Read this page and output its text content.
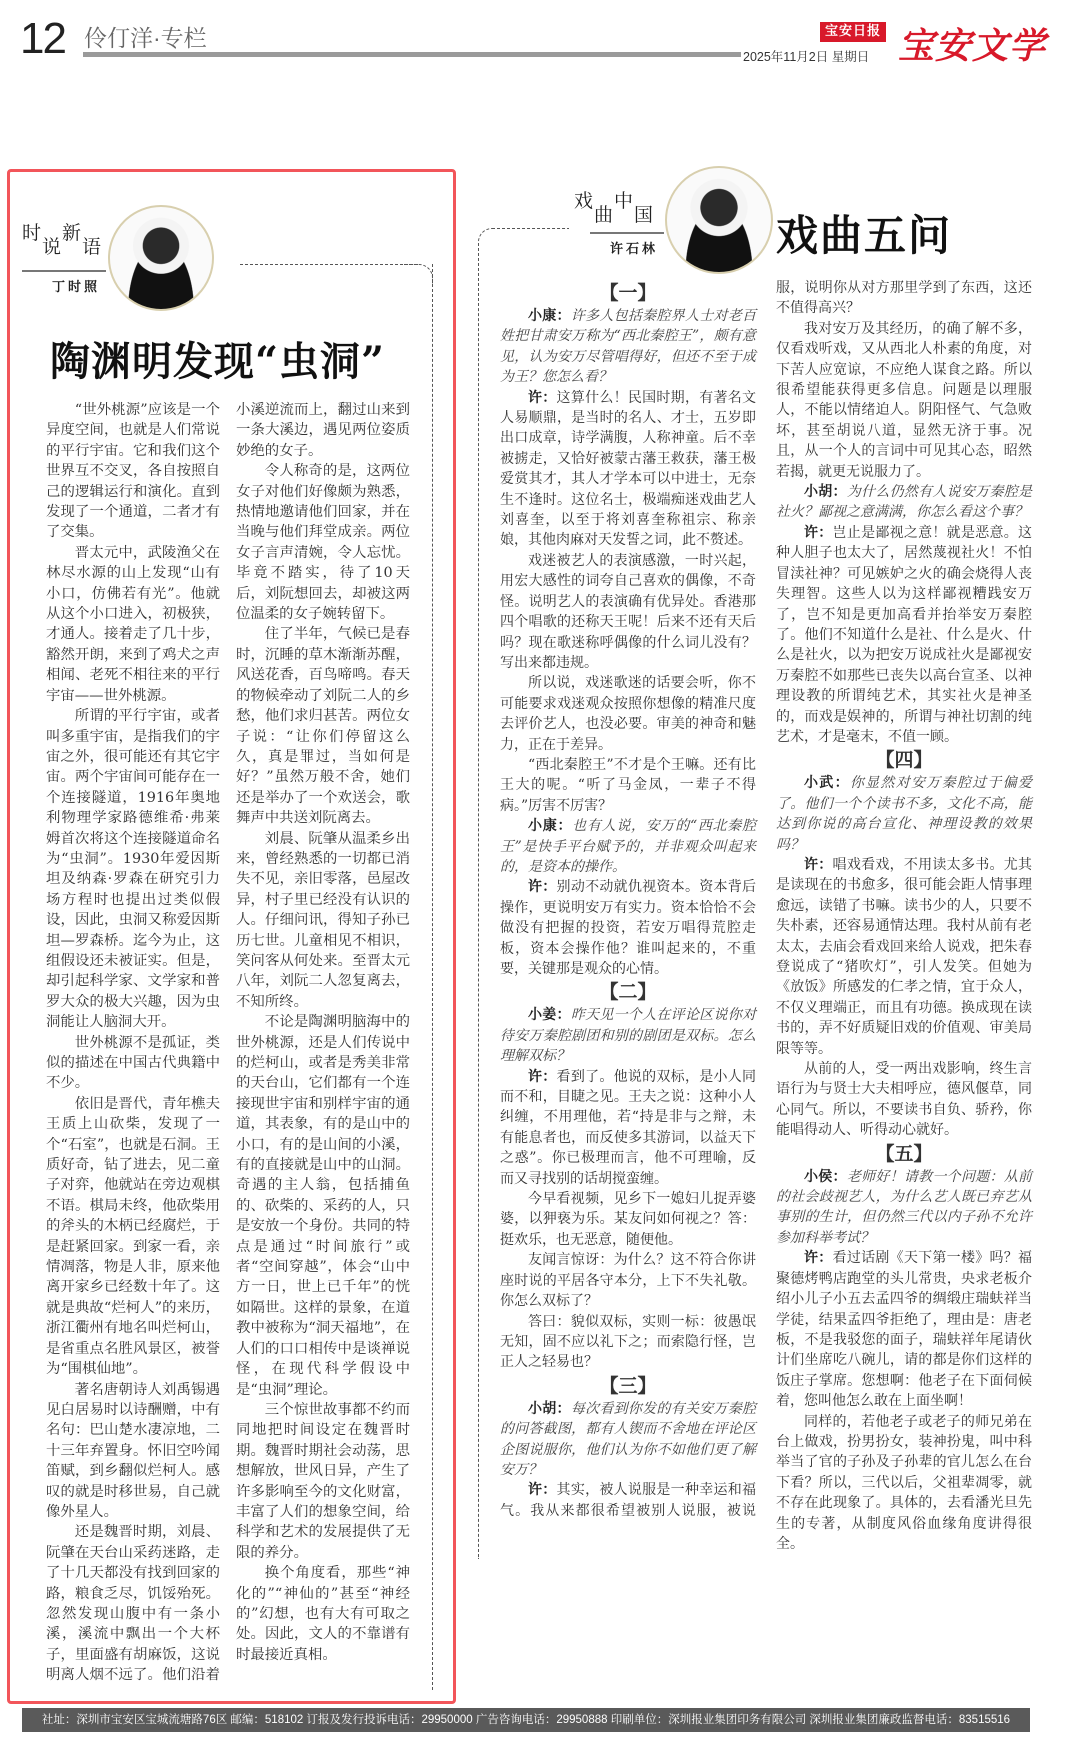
12 伶仃洋·专栏	宝安日报
2025年11月2日 星期日 宝安文学
时
说
新
语
丁时照
陶渊明发现“虫洞”

“世外桃源”应该是一个异度空间，也就是人们常说的平行宇宙。它和我们这个世界互不交叉，各自按照自己的逻辑运行和演化。直到发现了一个通道，二者才有了交集。

晋太元中，武陵渔父在林尽水源的山上发现“山有小口，仿佛若有光”。他就从这个小口进入，初极狭，才通人。接着走了几十步，豁然开朗，来到了鸡犬之声相闻、老死不相往来的平行宇宙——世外桃源。

所谓的平行宇宙，或者叫多重宇宙，是指我们的宇宙之外，很可能还有其它宇宙。两个宇宙间可能存在一个连接隧道，1916年奥地利物理学家路德维希·弗莱姆首次将这个连接隧道命名为“虫洞”。1930年爱因斯坦及纳森·罗森在研究引力场方程时也提出过类似假设，因此，虫洞又称爱因斯坦—罗森桥。迄今为止，这组假设还未被证实。但是，却引起科学家、文学家和普罗大众的极大兴趣，因为虫洞能让人脑洞大开。

世外桃源不是孤证，类似的描述在中国古代典籍中不少。

依旧是晋代，青年樵夫王质上山砍柴，发现了一个“石室”，也就是石洞。王质好奇，钻了进去，见二童子对弈，他就站在旁边观棋不语。棋局未终，他砍柴用的斧头的木柄已经腐烂，于是赶紧回家。到家一看，亲情凋落，物是人非，原来他离开家乡已经数十年了。这就是典故“烂柯人”的来历，浙江衢州有地名叫烂柯山，是省重点名胜风景区，被誉为“围棋仙地”。

著名唐朝诗人刘禹锡遇见白居易时以诗酬赠，中有名句：巴山楚水凄凉地，二十三年弃置身。怀旧空吟闻笛赋，到乡翻似烂柯人。感叹的就是时移世易，自己就像外星人。

还是魏晋时期，刘晨、阮肇在天台山采药迷路，走了十几天都没有找到回家的路，粮食乏尽，饥馁殆死。忽然发现山腹中有一条小溪，溪流中飘出一个大杯子，里面盛有胡麻饭，这说明离人烟不远了。他们沿着小溪逆流而上，翻过山来到一条大溪边，遇见两位姿质妙绝的女子。

令人称奇的是，这两位女子对他们好像颇为熟悉，热情地邀请他们回家，并在当晚与他们拜堂成亲。两位女子言声清婉，令人忘忧。毕竟不踏实，待了10天后，刘阮想回去，却被这两位温柔的女子婉转留下。

住了半年，气候已是春时，沉睡的草木渐渐苏醒，风送花香，百鸟啼鸣。春天的物候牵动了刘阮二人的乡愁，他们求归甚苦。两位女子说：“让你们停留这么久，真是罪过，当如何是好？”虽然万般不舍，她们还是举办了一个欢送会，歌舞声中共送刘阮离去。

刘晨、阮肇从温柔乡出来，曾经熟悉的一切都已消失不见，亲旧零落，邑屋改异，村子里已经没有认识的人。仔细问讯，得知子孙已历七世。儿童相见不相识，笑问客从何处来。至晋太元八年，刘阮二人忽复离去，不知所终。

不论是陶渊明脑海中的世外桃源，还是人们传说中的烂柯山，或者是秀美非常的天台山，它们都有一个连接现世宇宙和别样宇宙的通道，其表象，有的是山中的小口，有的是山间的小溪，有的直接就是山中的山洞。奇遇的主人翁，包括捕鱼的、砍柴的、采药的人，只是安放一个身份。共同的特点是通过“时间旅行”或者“空间穿越”，体会“山中方一日，世上已千年”的恍如隔世。这样的景象，在道教中被称为“洞天福地”，在人们的口口相传中是谈禅说怪，在现代科学假设中是“虫洞”理论。

三个惊世故事都不约而同地把时间设定在魏晋时期。魏晋时期社会动荡，思想解放，世风日异，产生了许多影响至今的文化财富，丰富了人们的想象空间，给科学和艺术的发展提供了无限的养分。

换个角度看，那些“神化的”“神仙的”甚至“神经的”幻想，也有大有可取之处。因此，文人的不靠谱有时最接近真相。

戏
曲
中
国
许石林	戏曲五问

【一】

小康：许多人包括秦腔界人士对老百姓把甘肃安万称为“西北秦腔王”，颇有意见，认为安万尽管唱得好，但还不至于成为王？您怎么看？

许：这算什么！民国时期，有著名文人易顺鼎，是当时的名人、才士，五岁即出口成章，诗学满腹，人称神童。后不幸被掳走，又恰好被蒙古藩王救获，藩王极爱赏其才，其人才学本可以中进士，无奈生不逢时。这位名士，极端痴迷戏曲艺人刘喜奎，以至于将刘喜奎称祖宗、称亲娘，其他肉麻对天发誓之词，此不赘述。

戏迷被艺人的表演感激，一时兴起，用宏大感性的词夸自己喜欢的偶像，不奇怪。说明艺人的表演确有优异处。香港那四个唱歌的还称天王呢！后来不还有天后吗？现在歌迷称呼偶像的什么词儿没有？写出来都违规。

所以说，戏迷歌迷的话要会听，你不可能要求戏迷观众按照你想像的精准尺度去评价艺人，也没必要。审美的神奇和魅力，正在于差异。

“西北秦腔王”不才是个王嘛。还有比王大的呢。“听了马金凤，一辈子不得病。”厉害不厉害？

小康：也有人说，安万的“西北秦腔王”是快手平台赋予的，并非观众叫起来的，是资本的操作。

许：别动不动就仇视资本。资本背后操作，更说明安万有实力。资本恰恰不会做没有把握的投资，若安万唱得荒腔走板，资本会操作他？谁叫起来的，不重要，关键那是观众的心情。

【二】

小姜：昨天见一个人在评论区说你对待安万秦腔剧团和别的剧团是双标。怎么理解双标？

许：看到了。他说的双标，是小人同而不和，目睫之见。王夫之说：这种小人纠缠，不用理他，若“持是非与之辩，未有能息者也，而反使多其游词，以益天下之惑”。你已极理而言，他不可理喻，反而又寻找别的话胡搅蛮缠。

今早看视频，见乡下一媳妇儿捉弄婆婆，以狎亵为乐。某友问如何视之？答：挺欢乐，也无恶意，随便他。

友闻言惊讶：为什么？这不符合你讲座时说的平居各守本分，上下不失礼敬。你怎么双标了？

答曰：貌似双标，实则一标：彼愚氓无知，固不应以礼下之；而索隐行怪，岂正人之轻易也？

【三】

小胡：每次看到你发的有关安万秦腔的问答截图，都有人锲而不舍地在评论区企图说服你，他们认为你不如他们更了解安万？

许：其实，被人说服是一种幸运和福气。我从来都很希望被别人说服，被说服，说明你从对方那里学到了东西，这还不值得高兴？

我对安万及其经历，的确了解不多，仅看戏听戏，又从西北人朴素的角度，对下苦人应宽谅，不应绝人谋食之路。所以很希望能获得更多信息。问题是以理服人，不能以情绪迫人。阴阳怪气、气急败坏，甚至胡说八道，显然无济于事。况且，从一个人的言词中可见其心态，昭然若揭，就更无说服力了。

小胡：为什么仍然有人说安万秦腔是社火？鄙视之意满满，你怎么看这个事？

许：岂止是鄙视之意！就是恶意。这种人胆子也太大了，居然蔑视社火！不怕冒渎社神？可见嫉妒之火的确会烧得人丧失理智。这些人以为这样鄙视糟践安万了，岂不知是更加高看并抬举安万秦腔了。他们不知道什么是社、什么是火、什么是社火，以为把安万说成社火是鄙视安万秦腔不如那些已丧失以高台宣圣、以神理设教的所谓纯艺术，其实社火是神圣的，而戏是娱神的，所谓与神社切割的纯艺术，才是毫末，不值一顾。

【四】

小武：你显然对安万秦腔过于偏爱了。他们一个个读书不多，文化不高，能达到你说的高台宣化、神理设教的效果吗？

许：唱戏看戏，不用读太多书。尤其是读现在的书愈多，很可能会距人情事理愈远，读错了书嘛。读书少的人，只要不失朴素，还容易通情达理。我村从前有老太太，去庙会看戏回来给人说戏，把朱春登说成了“猪吹灯”，引人发笑。但她为《放饭》所感发的仁孝之情，宜于众人，不仅义理端正，而且有功德。换成现在读书的，弄不好质疑旧戏的价值观、审美局限等等。

从前的人，受一两出戏影响，终生言语行为与贤士大夫相呼应，德风偃草，同心同气。所以，不要读书自负、骄矜，你能唱得动人、听得动心就好。

【五】

小侯：老师好！请教一个问题：从前的社会歧视艺人，为什么艺人既已弃艺从事别的生计，但仍然三代以内子孙不允许参加科举考试？

许：看过话剧《天下第一楼》吗？福聚德烤鸭店跑堂的头儿常贵，央求老板介绍小儿子小五去孟四爷的绸缎庄瑞蚨祥当学徒，结果孟四爷拒绝了，理由是：唐老板，不是我驳您的面子，瑞蚨祥年尾请伙计们坐席吃八碗儿，请的都是你们这样的饭庄子掌席。您想啊：他老子在下面伺候着，您叫他怎么敢在上面坐啊！

同样的，若他老子或老子的师兄弟在台上做戏，扮男扮女，装神扮鬼，叫中科举当了官的子孙及子孙辈的官儿怎么在台下看？所以，三代以后，父祖辈凋零，就不存在此现象了。具体的，去看潘光旦先生的专著，从制度风俗血缘角度讲得很全。

社址：深圳市宝安区宝城流塘路76区 邮编：518102 订报及发行投诉电话：29950000 广告咨询电话：29950888 印刷单位：深圳报业集团印务有限公司 深圳报业集团廉政监督电话：83515516
